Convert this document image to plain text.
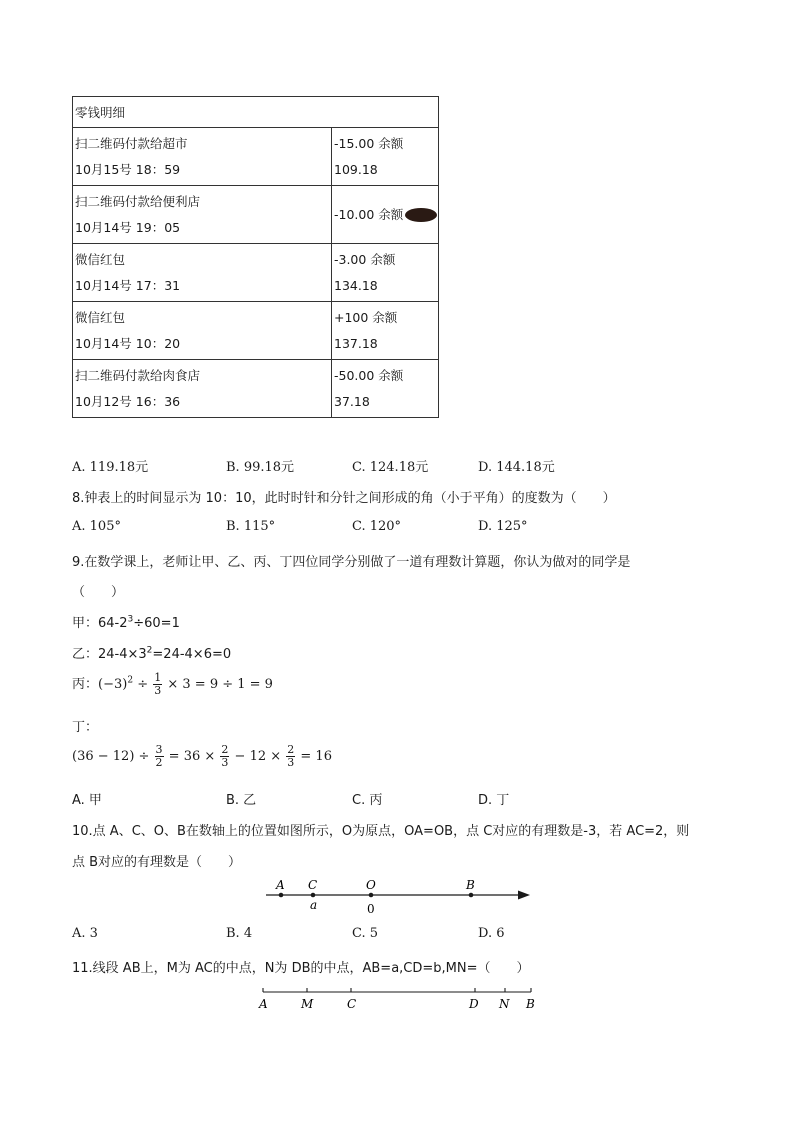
零钱明细	

扫二维码付款给超市
10月15号 18：59	-15.00 余额
109.18

扫二维码付款给便利店
10月14号 19：05	-10.00 余额

微信红包
10月14号 17：31	-3.00 余额 134.18

微信红包
10月14号 10：20	+100 余额 137.18

扫二维码付款给肉食店
10月12号 16：36	-50.00 余额 37.18
A. 119.18元	B. 99.18元	C. 124.18元	D. 144.18元
8.钟表上的时间显示为 10：10，此时时针和分针之间形成的角（小于平角）的度数为（　　）
A. 105°	B. 115°	C. 120°	D. 125°
9.在数学课上，老师让甲、乙、丙、丁四位同学分别做了一道有理数计算题，你认为做对的同学是
（　　）
甲：$64-2^3\div 60=1$
乙：$24-4\times 3^2=24-4\times 6=0$
丙：$(-3)^2 \div \frac{1}{3} \times 3 = 9 \div 1 = 9$
丁：
$(36 - 12) \div \frac{3}{2} = 36 \times \frac{2}{3} - 12 \times \frac{2}{3} = 16$
A. 甲	B. 乙	C. 丙	D. 丁
10.点 A、C、O、B在数轴上的位置如图所示，O为原点，OA=OB，点 C对应的有理数是-3，若 AC=2，则
点 B对应的有理数是（　　）
A C
a
O
0
B
A. 3	B. 4	C. 5	D. 6
11.线段 AB上，M为 AC的中点，N为 DB的中点，AB=a,CD=b,MN=（　　）
A	M	C	D N B
